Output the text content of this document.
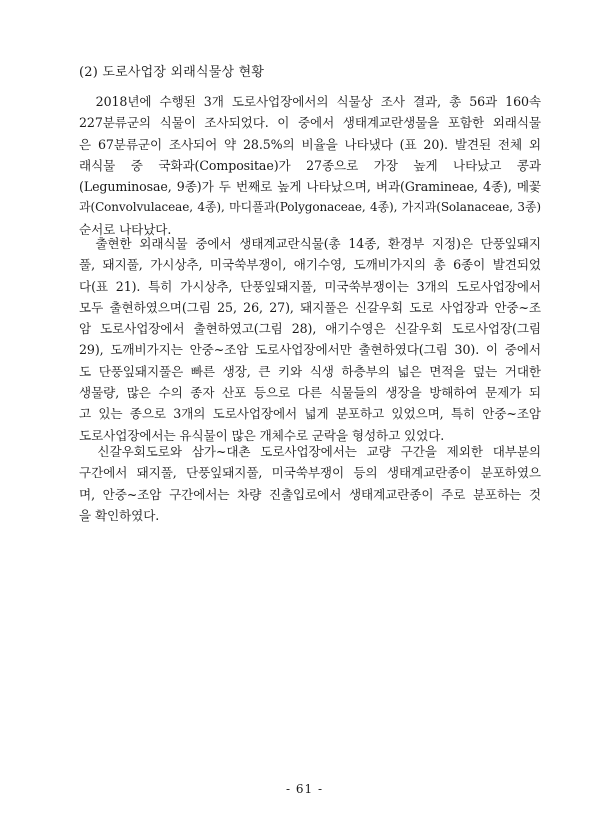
(2) 도로사업장 외래식물상 현황
　2018년에 수행된 3개 도로사업장에서의 식물상 조사 결과, 총 56과 160속
227분류군의 식물이 조사되었다. 이 중에서 생태계교란생물을 포함한 외래식물
은 67분류군이 조사되어 약 28.5%의 비율을 나타냈다 (표 20). 발견된 전체 외
래식물 중 국화과(Compositae)가 27종으로 가장 높게 나타났고 콩과
(Leguminosae, 9종)가 두 번째로 높게 나타났으며, 벼과(Gramineae, 4종), 메꽃
과(Convolvulaceae, 4종), 마디풀과(Polygonaceae, 4종), 가지과(Solanaceae, 3종)
순서로 나타났다.
　출현한 외래식물 중에서 생태계교란식물(총 14종, 환경부 지정)은 단풍잎돼지
풀, 돼지풀, 가시상추, 미국쑥부쟁이, 애기수영, 도깨비가지의 총 6종이 발견되었
다(표 21). 특히 가시상추, 단풍잎돼지풀, 미국쑥부쟁이는 3개의 도로사업장에서
모두 출현하였으며(그림 25, 26, 27), 돼지풀은 신갈우회 도로 사업장과 안중~조
암 도로사업장에서 출현하였고(그림 28), 애기수영은 신갈우회 도로사업장(그림
29), 도깨비가지는 안중~조암 도로사업장에서만 출현하였다(그림 30). 이 중에서
도 단풍잎돼지풀은 빠른 생장, 큰 키와 식생 하층부의 넓은 면적을 덮는 거대한
생물량, 많은 수의 종자 산포 등으로 다른 식물들의 생장을 방해하여 문제가 되
고 있는 종으로 3개의 도로사업장에서 넓게 분포하고 있었으며, 특히 안중~조암
도로사업장에서는 유식물이 많은 개체수로 군락을 형성하고 있었다.
　신갈우회도로와 삼가~대촌 도로사업장에서는 교량 구간을 제외한 대부분의
구간에서 돼지풀, 단풍잎돼지풀, 미국쑥부쟁이 등의 생태계교란종이 분포하였으
며, 안중~조암 구간에서는 차량 진출입로에서 생태계교란종이 주로 분포하는 것
을 확인하였다.
- 61 -
